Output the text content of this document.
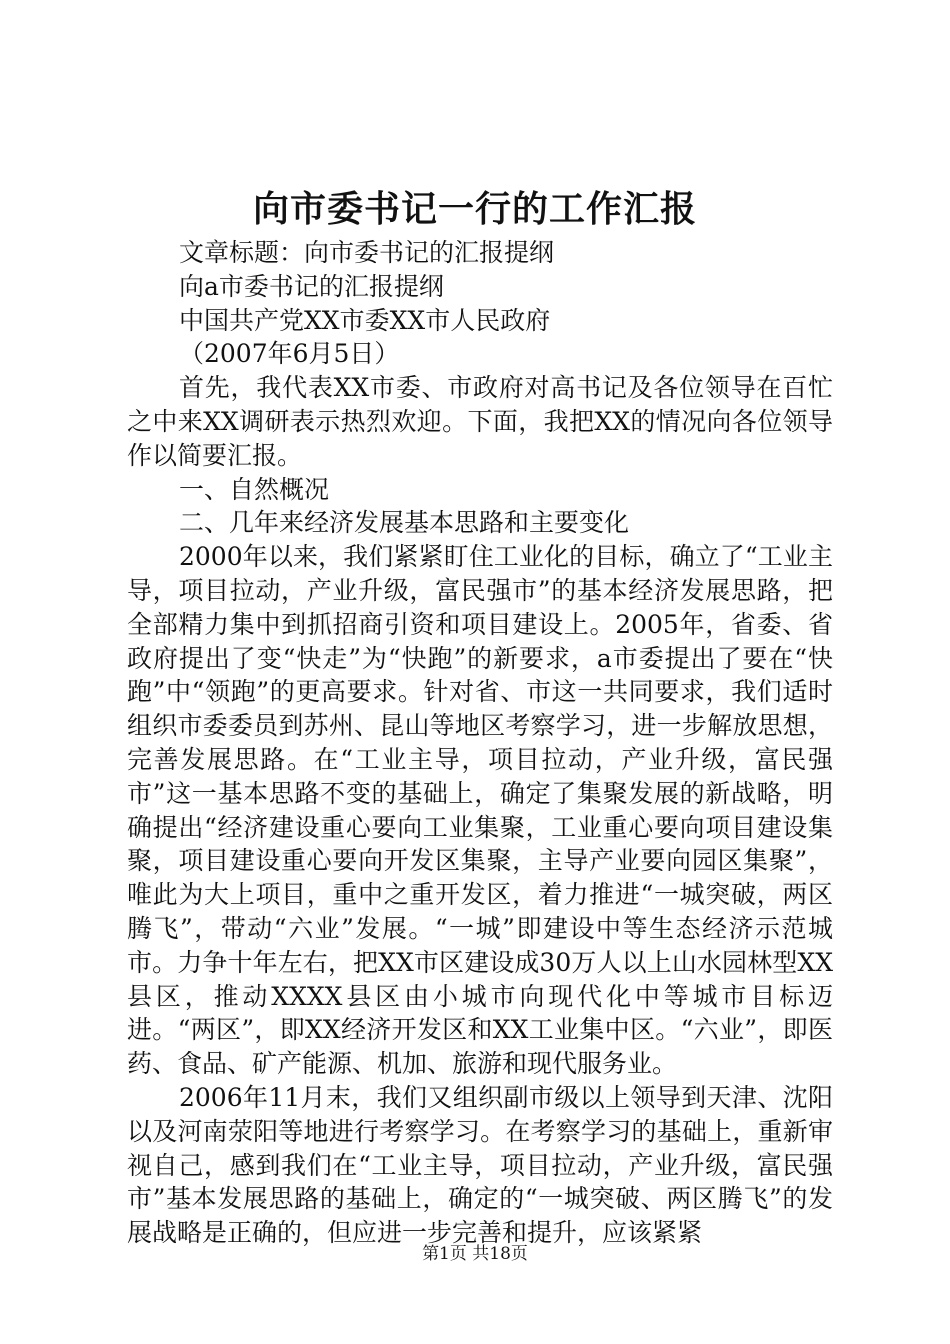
向市委书记一行的工作汇报

文章标题：向市委书记的汇报提纲

向a市委书记的汇报提纲

中国共产党XX市委XX市人民政府

（2007年6月5日）

首先，我代表XX市委、市政府对高书记及各位领导在百忙之中来XX调研表示热烈欢迎。下面，我把XX的情况向各位领导作以简要汇报。

一、自然概况

二、几年来经济发展基本思路和主要变化

2000年以来，我们紧紧盯住工业化的目标，确立了“工业主导，项目拉动，产业升级，富民强市”的基本经济发展思路，把全部精力集中到抓招商引资和项目建设上。2005年，省委、省政府提出了变“快走”为“快跑”的新要求，a市委提出了要在“快跑”中“领跑”的更高要求。针对省、市这一共同要求，我们适时组织市委委员到苏州、昆山等地区考察学习，进一步解放思想，完善发展思路。在“工业主导，项目拉动，产业升级，富民强市”这一基本思路不变的基础上，确定了集聚发展的新战略，明确提出“经济建设重心要向工业集聚，工业重心要向项目建设集聚，项目建设重心要向开发区集聚，主导产业要向园区集聚”，唯此为大上项目，重中之重开发区，着力推进“一城突破，两区腾飞”，带动“六业”发展。“一城”即建设中等生态经济示范城市。力争十年左右，把XX市区建设成30万人以上山水园林型XX县区，推动XXXX县区由小城市向现代化中等城市目标迈进。“两区”，即XX经济开发区和XX工业集中区。“六业”，即医药、食品、矿产能源、机加、旅游和现代服务业。

2006年11月末，我们又组织副市级以上领导到天津、沈阳以及河南荥阳等地进行考察学习。在考察学习的基础上，重新审视自己，感到我们在“工业主导，项目拉动，产业升级，富民强市”基本发展思路的基础上，确定的“一城突破、两区腾飞”的发展战略是正确的，但应进一步完善和提升，应该紧紧

第1页 共18页
